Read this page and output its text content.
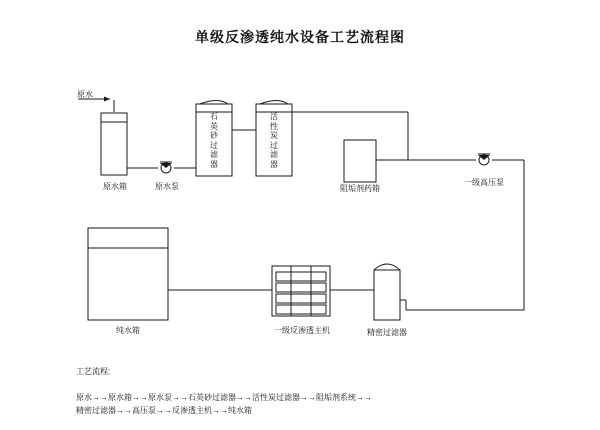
单级反渗透纯水设备工艺流程图
原水
原水箱	原水泵
石英砂过滤器
活性炭过滤器
阻垢剂药箱
一级高压泵
纯水箱	一级反渗透主机	精密过滤器

工艺流程:

原水→→原水箱→→原水泵→→石英砂过滤器→→活性炭过滤器→→阻垢剂系统→→精密过滤器→→高压泵→→反渗透主机→→纯水箱
